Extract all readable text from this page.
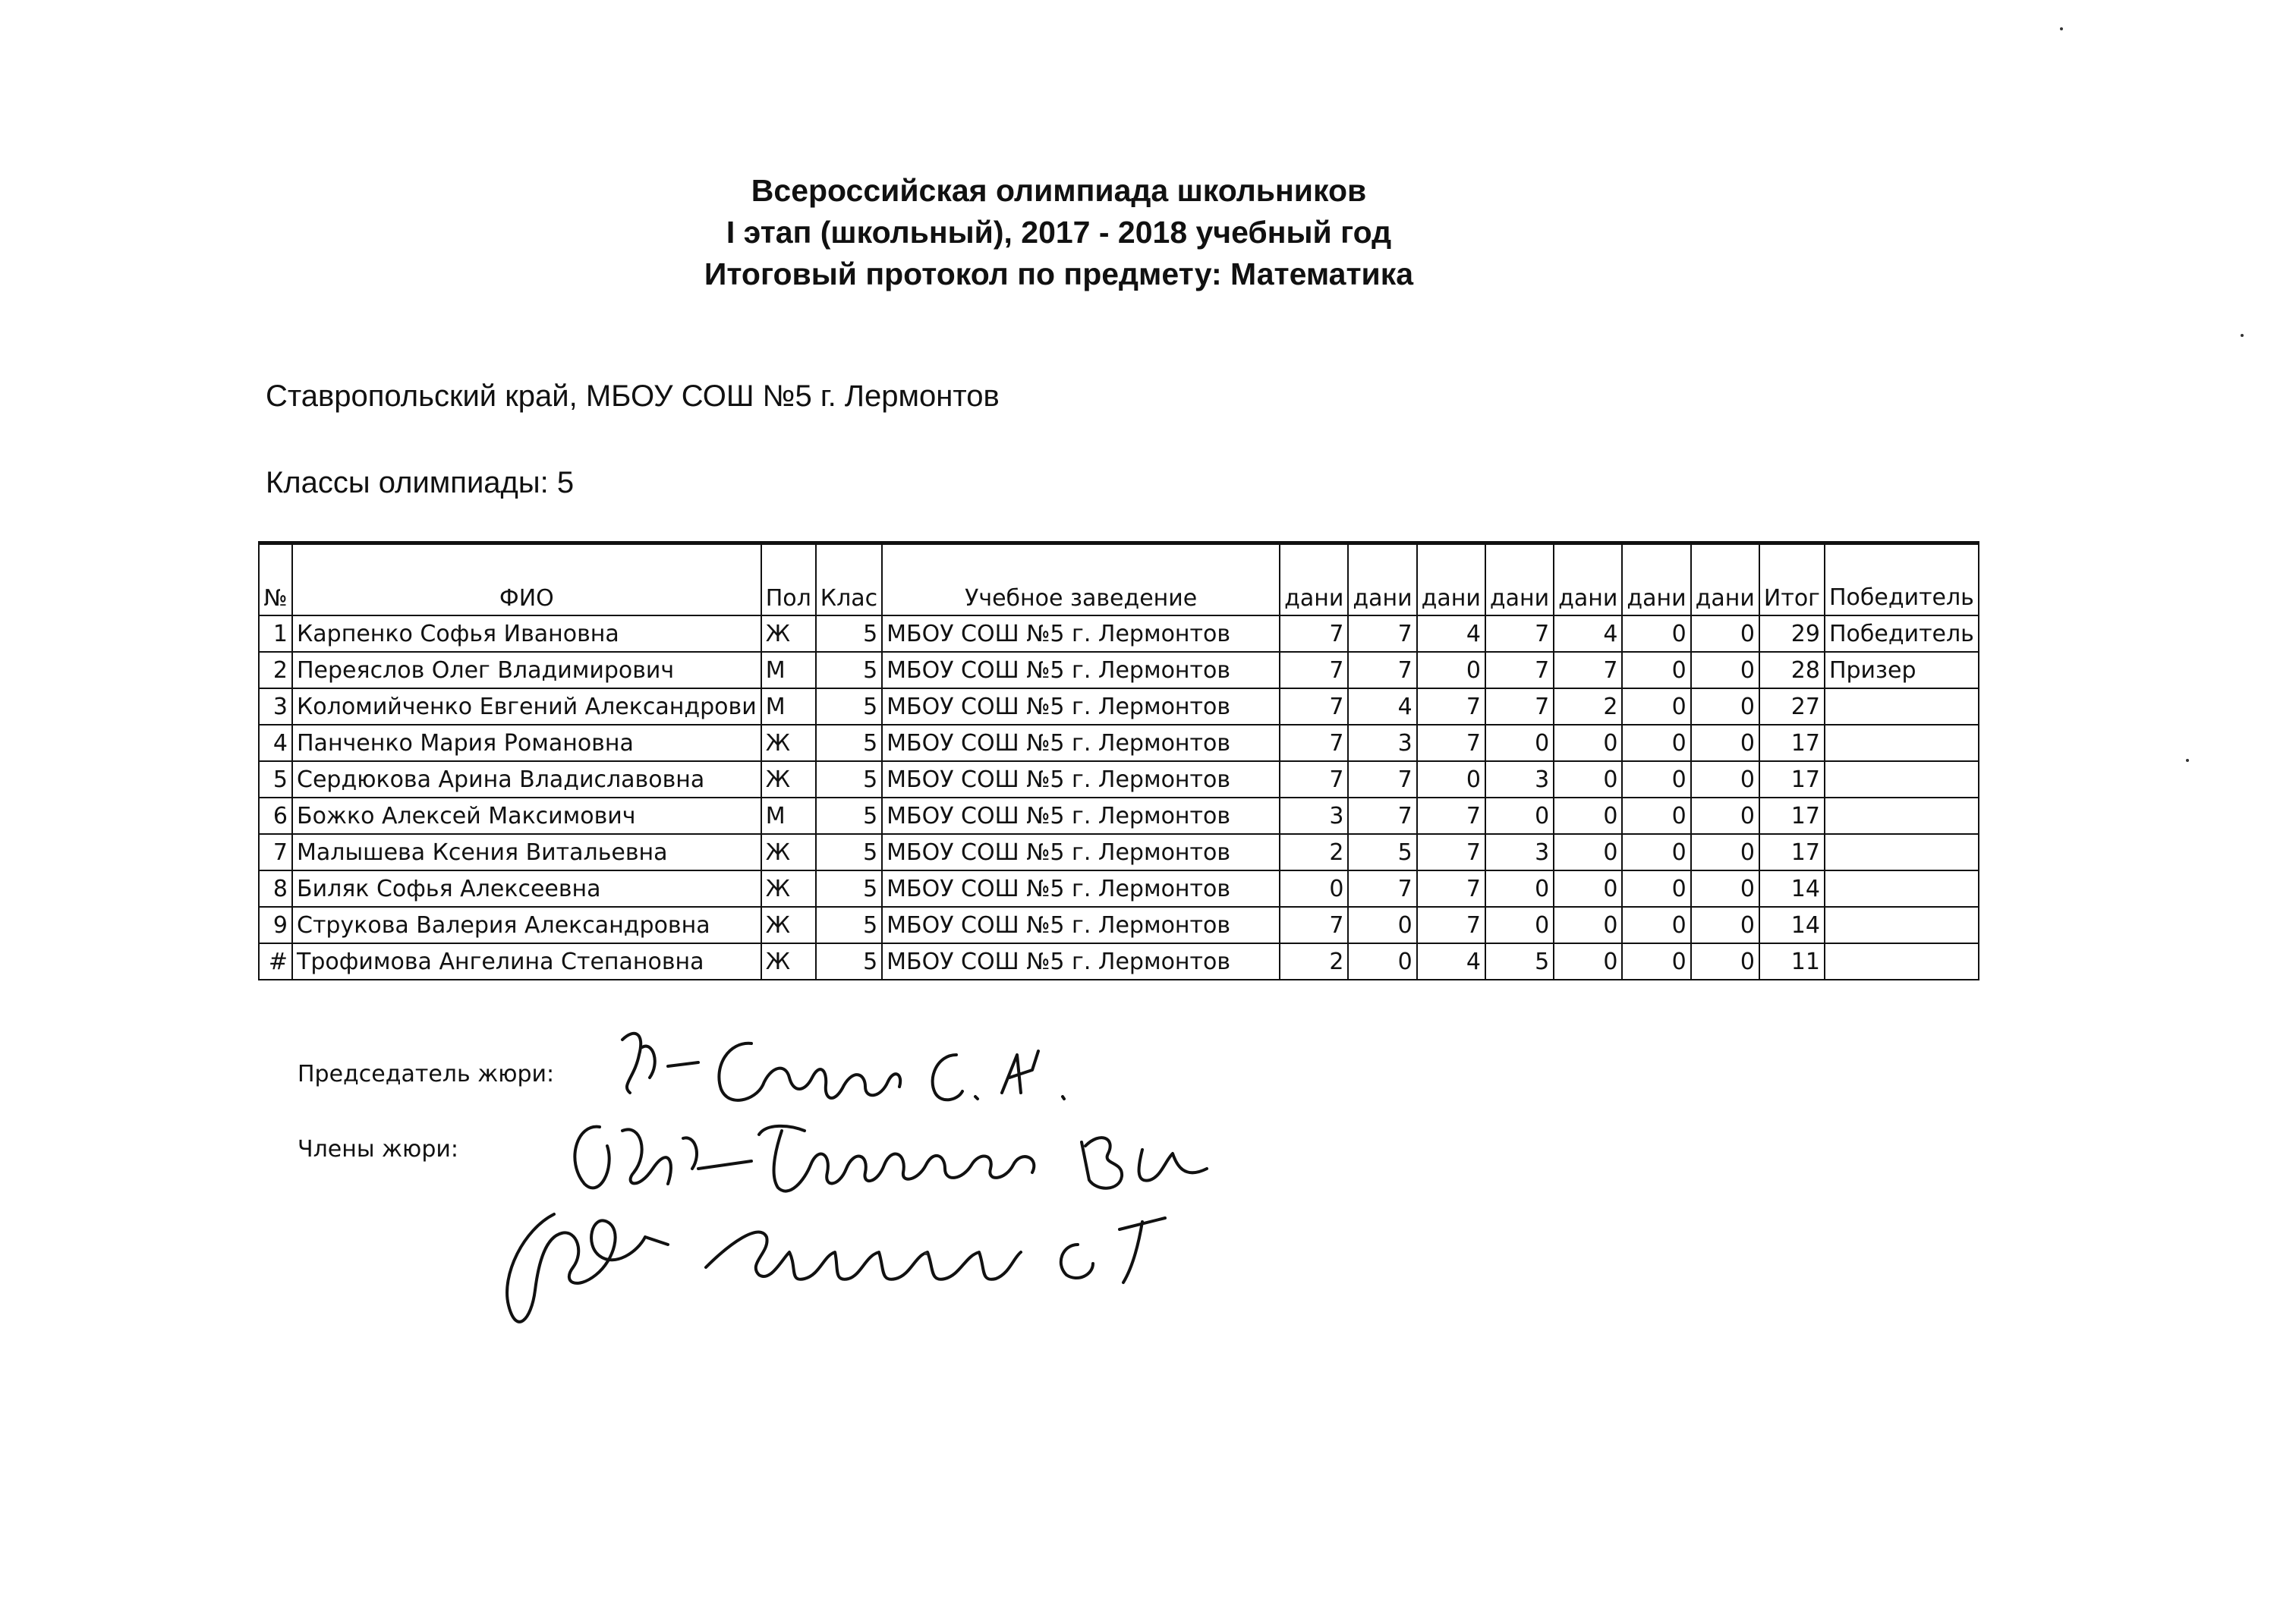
Всероссийская олимпиада школьников
I этап (школьный), 2017 - 2018 учебный год
Итоговый протокол по предмету: Математика
Ставропольский край, МБОУ СОШ №5 г. Лермонтов
Классы олимпиады: 5
№	ФИО	Пол	Клас	Учебное заведение	дани	дани	дани	дани	дани	дани	дани	Итог	Победитель
1	Карпенко Софья Ивановна	Ж	5	МБОУ СОШ №5 г. Лермонтов	7	7	4	7	4	0	0	29	Победитель
2	Переяслов Олег Владимирович	М	5	МБОУ СОШ №5 г. Лермонтов	7	7	0	7	7	0	0	28	Призер
3	Коломийченко Евгений Александрови	М	5	МБОУ СОШ №5 г. Лермонтов	7	4	7	7	2	0	0	27	
4	Панченко Мария Романовна	Ж	5	МБОУ СОШ №5 г. Лермонтов	7	3	7	0	0	0	0	17	
5	Сердюкова Арина Владиславовна	Ж	5	МБОУ СОШ №5 г. Лермонтов	7	7	0	3	0	0	0	17	
6	Божко Алексей Максимович	М	5	МБОУ СОШ №5 г. Лермонтов	3	7	7	0	0	0	0	17	
7	Малышева Ксения Витальевна	Ж	5	МБОУ СОШ №5 г. Лермонтов	2	5	7	3	0	0	0	17	
8	Биляк Софья Алексеевна	Ж	5	МБОУ СОШ №5 г. Лермонтов	0	7	7	0	0	0	0	14	
9	Струкова Валерия Александровна	Ж	5	МБОУ СОШ №5 г. Лермонтов	7	0	7	0	0	0	0	14	
#	Трофимова Ангелина Степановна	Ж	5	МБОУ СОШ №5 г. Лермонтов	2	0	4	5	0	0	0	11	
Председатель жюри:
Члены жюри:
